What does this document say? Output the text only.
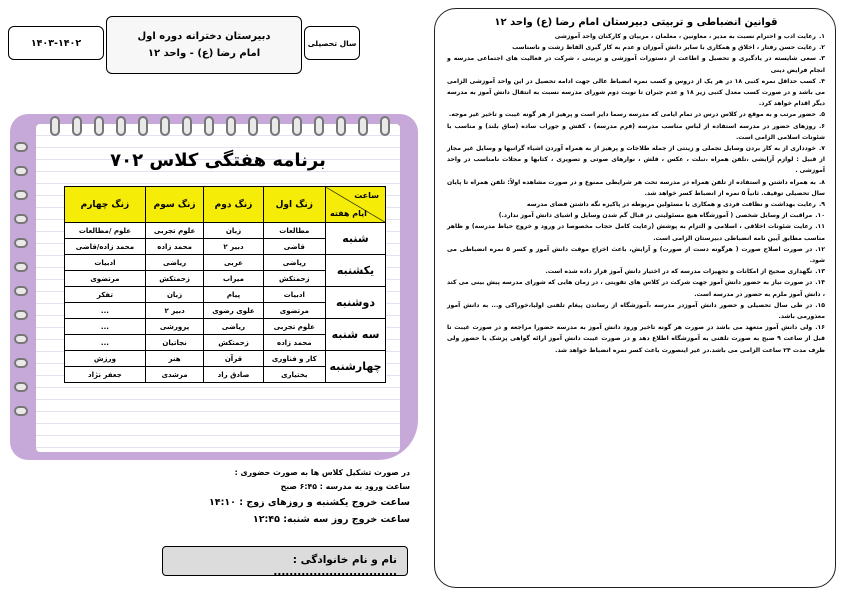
قوانین انضباطی و تربیتی دبیرستان امام رضا (ع) واحد ۱۲
۱.رعایت ادب و احترام نسبت به مدیر ، معاونین ، معلمان ، مربیان و کارکنان واحد آموزشی
۲.رعایت حسن رفتار ، اخلاق و همکاری با سایر دانش آموزان و عدم به کار گیری الفاظ زشت و ناسناسب
۳.سعی شایسته در یادگیری و تحصیل و اطاعت از دستورات آموزشی و تربیتی ، شرکت در فعالیت های اجتماعی مدرسه و انجام فرایض دینی
۴.کسب حداقل نمره کتبی ۱۸ در هر یک از دروس و کسب نمره انضباط عالی جهت ادامه تحصیل در این واحد آموزشی الزامی می باشد و در صورت کسب معدل کتبی زیر ۱۸ و عدم جبران تا نوبت دوم شورای مدرسه نسبت به انتقال دانش آموز به مدرسه دیگر اقدام خواهد کرد.
۵.حضور مرتب و به موقع در کلاس درس در تمام ایامی که مدرسه رسما دایر است و پرهیز از هر گونه غیبت و تاخیر غیر موجه.
۶.روزهای حضور در مدرسه استفاده از لباس مناسب مدرسه (فرم مدرسه) ، کفش و جوراب ساده (ساق بلند) و مناسب با شئونات اسلامی الزامی است.
۷.خودداری از به کار بردن وسایل تجملی و زینتی از جمله طلاجات و پرهیز از به همراه آوردن اشیاء گرانبها و وسایل غیر مجاز از قبیل : لوازم آرایشی ،تلفن همراه ،تبلت ، عکس ، فلش ، نوارهای صوتی و تصویری ، کتابها و مجلات نامناسب در واحد آموزشی .
۸.به همراه داشتن و استفاده از تلفن همراه در مدرسه تحت هر شرایطی ممنوع و در صورت مشاهده اولاً: تلفن همراه تا پایان سال تحصیلی توقیف. ثانیاً ۵ نمره از انضباط کسر خواهد شد.
۹.رعایت بهداشت و نظافت فردی و همکاری با مسئولین مربوطه در پاکیزه نگه داشتن فضای مدرسه
۱۰.مراقبت از وسایل شخصی ( آموزشگاه هیچ مسئولیتی در قبال گم شدن وسایل و اشیای دانش آموز ندارد.)
۱۱.رعایت شئونات اخلاقی ، اسلامی و التزام به پوشش (رعایت کامل حجاب مخصوصا در ورود و خروج حیاط مدرسه) و ظاهر مناسب مطابق آیین نامه انضباطی دبیرستان الزامی است.
۱۲.در صورت اصلاح صورت ( هرگونه دست از صورت) و آرایش، باعث اخراج موقت دانش آموز و کسر ۵ نمره انضباطی می شود.
۱۳.نگهداری صحیح از امکانات و تجهیزات مدرسه که در اختیار دانش آموز قرار داده شده است.
۱۴.در صورت نیاز به حضور دانش آموز جهت شرکت در کلاس های تقویتی ، در زمان هایی که شورای مدرسه پیش بینی می کند ، دانش آموز ملزم به حضور در مدرسه است.
۱۵.در طی سال تحصیلی و حضور دانش آموزدر مدرسه ،آموزشگاه از رساندن پیغام تلفنی اولیا،خوراکی و... به دانش آموز معذورمی باشد.
۱۶.ولی دانش آموز متعهد می باشد در صورت هر گونه تاخیر ورود دانش آموز به مدرسه حضورا مراجعه و در صورت غیبت تا قبل از ساعت ۹ صبح به صورت تلفنی به آموزشگاه اطلاع دهد و در صورت غیبت دانش آموز ارائه گواهی پزشک یا حضور ولی ظرف مدت ۲۴ ساعت الزامی می باشد.در غیر اینصورت باعث کسر نمره انضباط خواهد شد.
۱۴۰۳-۱۴۰۲
دبیرستان دخترانه دوره اول
امام رضا (ع) - واحد ۱۲
سال تحصیلی
برنامه هفتگی کلاس ۷۰۲
ساعت
ایام هفته	زنگ اول	زنگ دوم	زنگ سوم	زنگ چهارم
شنبه	مطالعات	زبان	علوم تجربی	علوم /مطالعات
	قاضی	دبیر ۲	محمد زاده	محمد زاده/قاضی
یکشنبه	ریاضی	عربی	ریاضی	ادبیات
	زحمتکش	میراب	زحمتکش	مرتضوی
دوشنبه	ادبیات	پیام	زبان	تفکر
	مرتضوی	علوی رضوی	دبیر ۲	...
سه شنبه	علوم تجربی	ریاضی	پرورشی	...
	محمد زاده	زحمتکش	نجاتیان	...
چهارشنبه	کار و فناوری	قرآن	هنر	ورزش
	بختیاری	صادق راد	مرشدی	جعفر نژاد

در صورت تشکیل کلاس ها به صورت حضوری :

ساعت ورود به مدرسه : ۶:۴۵ صبح

ساعت خروج یکشنبه و روزهای زوج : ۱۴:۱۰

ساعت خروج روز سه شنبه: ۱۲:۴۵

نام و نام خانوادگی : ...............................
